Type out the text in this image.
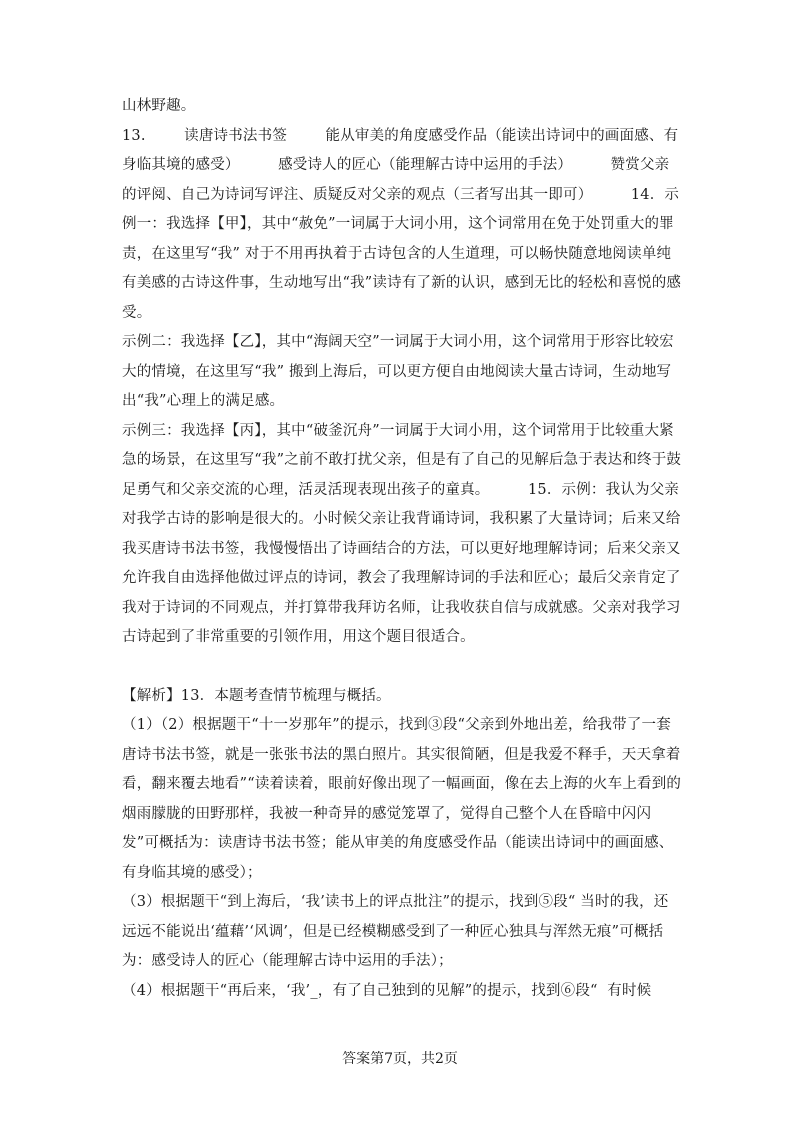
山林野趣。

13.        读唐诗书法书签        能从审美的角度感受作品（能读出诗词中的画面感、有身临其境的感受）        感受诗人的匠心（能理解古诗中运用的手法）        赞赏父亲的评阅、自己为诗词写评注、质疑反对父亲的观点（三者写出其一即可）        14．示例一：我选择【甲】，其中“赦免”一词属于大词小用，这个词常用在免于处罚重大的罪责，在这里写“我” 对于不用再执着于古诗包含的人生道理，可以畅快随意地阅读单纯有美感的古诗这件事，生动地写出“我”读诗有了新的认识，感到无比的轻松和喜悦的感受。

示例二：我选择【乙】，其中“海阔天空”一词属于大词小用，这个词常用于形容比较宏大的情境，在这里写“我” 搬到上海后，可以更方便自由地阅读大量古诗词，生动地写出“我”心理上的满足感。

示例三：我选择【丙】，其中“破釜沉舟”一词属于大词小用，这个词常用于比较重大紧急的场景，在这里写“我”之前不敢打扰父亲，但是有了自己的见解后急于表达和终于鼓足勇气和父亲交流的心理，活灵活现表现出孩子的童真。        15．示例：我认为父亲对我学古诗的影响是很大的。小时候父亲让我背诵诗词，我积累了大量诗词；后来又给我买唐诗书法书签，我慢慢悟出了诗画结合的方法，可以更好地理解诗词；后来父亲又允许我自由选择他做过评点的诗词，教会了我理解诗词的手法和匠心；最后父亲肯定了我对于诗词的不同观点，并打算带我拜访名师，让我收获自信与成就感。父亲对我学习古诗起到了非常重要的引领作用，用这个题目很适合。

【解析】13．本题考查情节梳理与概括。

（1）（2）根据题干“十一岁那年”的提示，找到③段“父亲到外地出差，给我带了一套唐诗书法书签，就是一张张书法的黑白照片。其实很简陋，但是我爱不释手，天天拿着看，翻来覆去地看”“读着读着，眼前好像出现了一幅画面，像在去上海的火车上看到的烟雨朦胧的田野那样，我被一种奇异的感觉笼罩了，觉得自己整个人在昏暗中闪闪发”可概括为：读唐诗书法书签；能从审美的角度感受作品（能读出诗词中的画面感、有身临其境的感受）；

（3）根据题干“到上海后，‘我’读书上的评点批注”的提示，找到⑤段“ 当时的我，还远远不能说出‘蕴藉’‘风调’，但是已经模糊感受到了一种匠心独具与浑然无痕”可概括为：感受诗人的匠心（能理解古诗中运用的手法）；

（4）根据题干“再后来，‘我’_，有了自己独到的见解”的提示，找到⑥段“  有时候

答案第7页，共2页
